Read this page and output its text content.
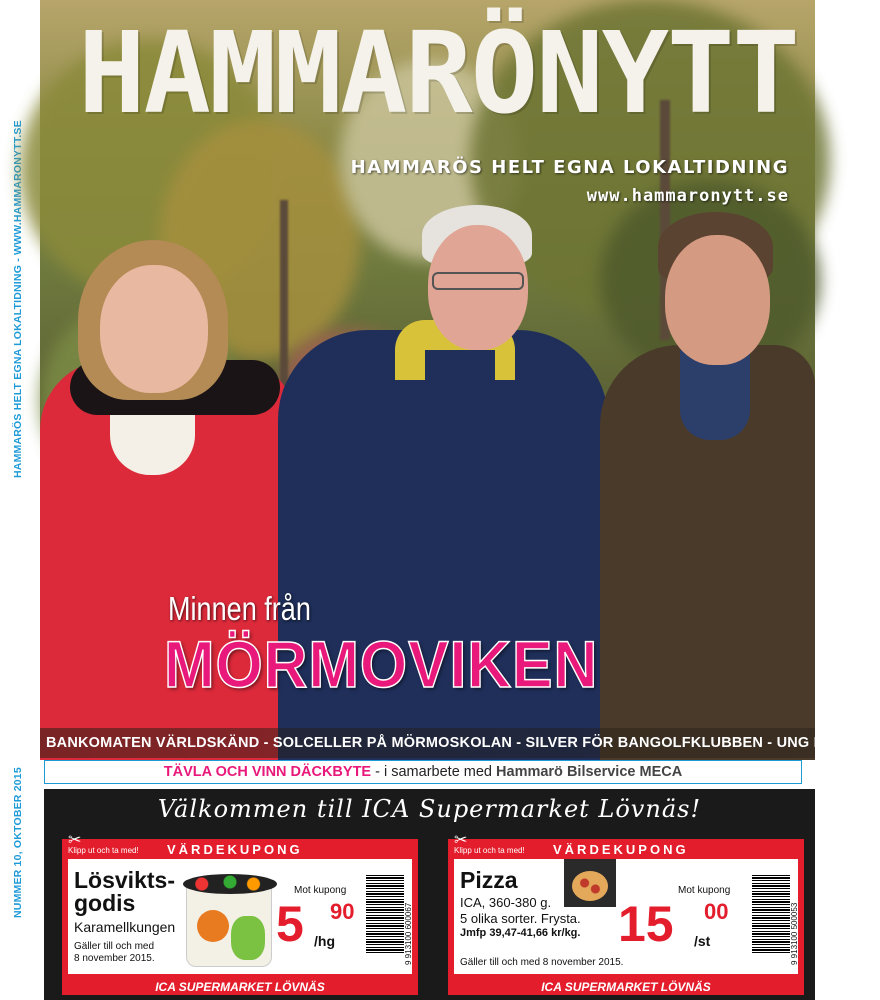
HAMMARÖS HELT EGNA LOKALTIDNING - WWW.HAMMARONYTT.SE
NUMMER 10, OKTOBER 2015
HAMMARÖNYTT
HAMMARÖS HELT EGNA LOKALTIDNING
www.hammaronytt.se
Minnen från
MÖRMOVIKEN
BANKOMATEN VÄRLDSKÄND - SOLCELLER PÅ MÖRMOSKOLAN - SILVER FÖR BANGOLFKLUBBEN - UNG FRAMTID
TÄVLA OCH VINN DÄCKBYTE - i samarbete med Hammarö Bilservice MECA
Välkommen till ICA Supermarket Lövnäs!
✂
Klipp ut och ta med! VÄRDEKUPONG
Lösvikts-
godis
Karamellkungen
Gäller till och med
8 november 2015.
Mot kupong
5 90
/hg	9 913100 600067
ICA SUPERMARKET LÖVNÄS
✂
Klipp ut och ta med! VÄRDEKUPONG
Pizza
ICA, 360-380 g.
5 olika sorter. Frysta.
Jmfp 39,47-41,66 kr/kg.
Gäller till och med 8 november 2015.
Mot kupong
15 00
/st	9 913100 500053
ICA SUPERMARKET LÖVNÄS
